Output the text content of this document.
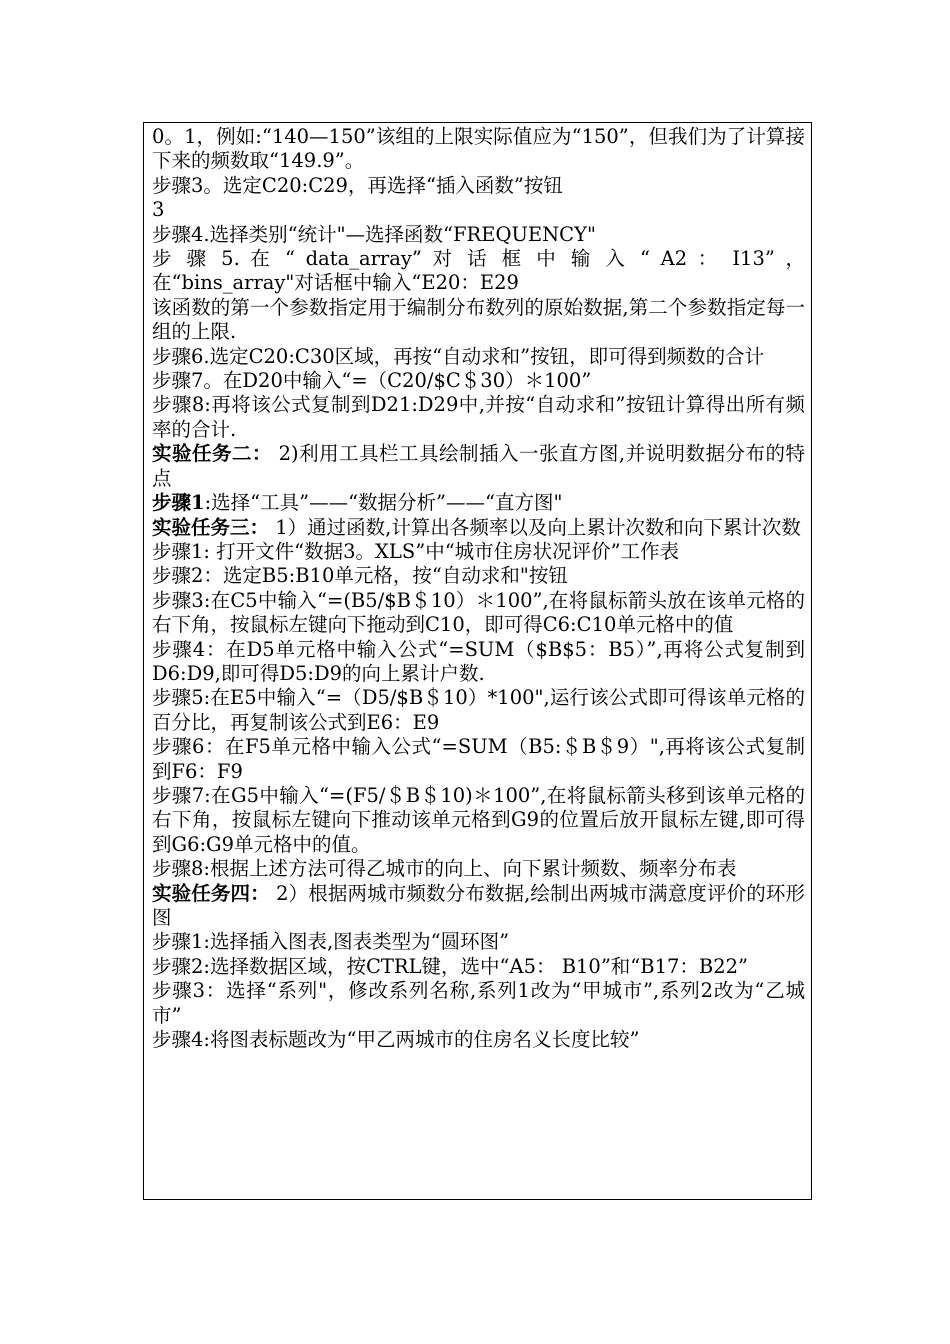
0。1，例如:“140—150”该组的上限实际值应为“150”，但我们为了计算接下来的频数取“149.9”。

步骤3。选定C20:C29，再选择“插入函数”按钮

3

步骤4.选择类别“统计"—选择函数“FREQUENCY"

步 骤 5. 在 “ data_array” 对 话 框 中 输 入 “ A2 ： I13” ， 在“bins_array"对话框中输入“E20：E29

该函数的第一个参数指定用于编制分布数列的原始数据,第二个参数指定每一组的上限.

步骤6.选定C20:C30区域，再按“自动求和”按钮，即可得到频数的合计

步骤7。在D20中输入“=（C20/$C＄30）＊100”

步骤8:再将该公式复制到D21:D29中,并按“自动求和”按钮计算得出所有频率的合计.

实验任务二： 2)利用工具栏工具绘制插入一张直方图,并说明数据分布的特点

步骤1:选择“工具”——“数据分析”——“直方图"

实验任务三： 1）通过函数,计算出各频率以及向上累计次数和向下累计次数

步骤1: 打开文件“数据3。XLS”中“城市住房状况评价”工作表

步骤2：选定B5:B10单元格，按“自动求和"按钮

步骤3:在C5中输入“=(B5/$B＄10）＊100”,在将鼠标箭头放在该单元格的右下角，按鼠标左键向下拖动到C10，即可得C6:C10单元格中的值

步骤4：在D5单元格中输入公式“=SUM（$B$5：B5）”,再将公式复制到D6:D9,即可得D5:D9的向上累计户数.

步骤5:在E5中输入“=（D5/$B＄10）*100",运行该公式即可得该单元格的百分比，再复制该公式到E6：E9

步骤6：在F5单元格中输入公式“=SUM（B5:＄B＄9）",再将该公式复制到F6：F9

步骤7:在G5中输入“=(F5/＄B＄10)＊100”,在将鼠标箭头移到该单元格的右下角，按鼠标左键向下推动该单元格到G9的位置后放开鼠标左键,即可得到G6:G9单元格中的值。

步骤8:根据上述方法可得乙城市的向上、向下累计频数、频率分布表

实验任务四： 2）根据两城市频数分布数据,绘制出两城市满意度评价的环形图

步骤1:选择插入图表,图表类型为“圆环图”

步骤2:选择数据区域，按CTRL键，选中“A5： B10”和“B17：B22”

步骤3：选择“系列"，修改系列名称,系列1改为“甲城市”,系列2改为“乙城市”

步骤4:将图表标题改为“甲乙两城市的住房名义长度比较”
